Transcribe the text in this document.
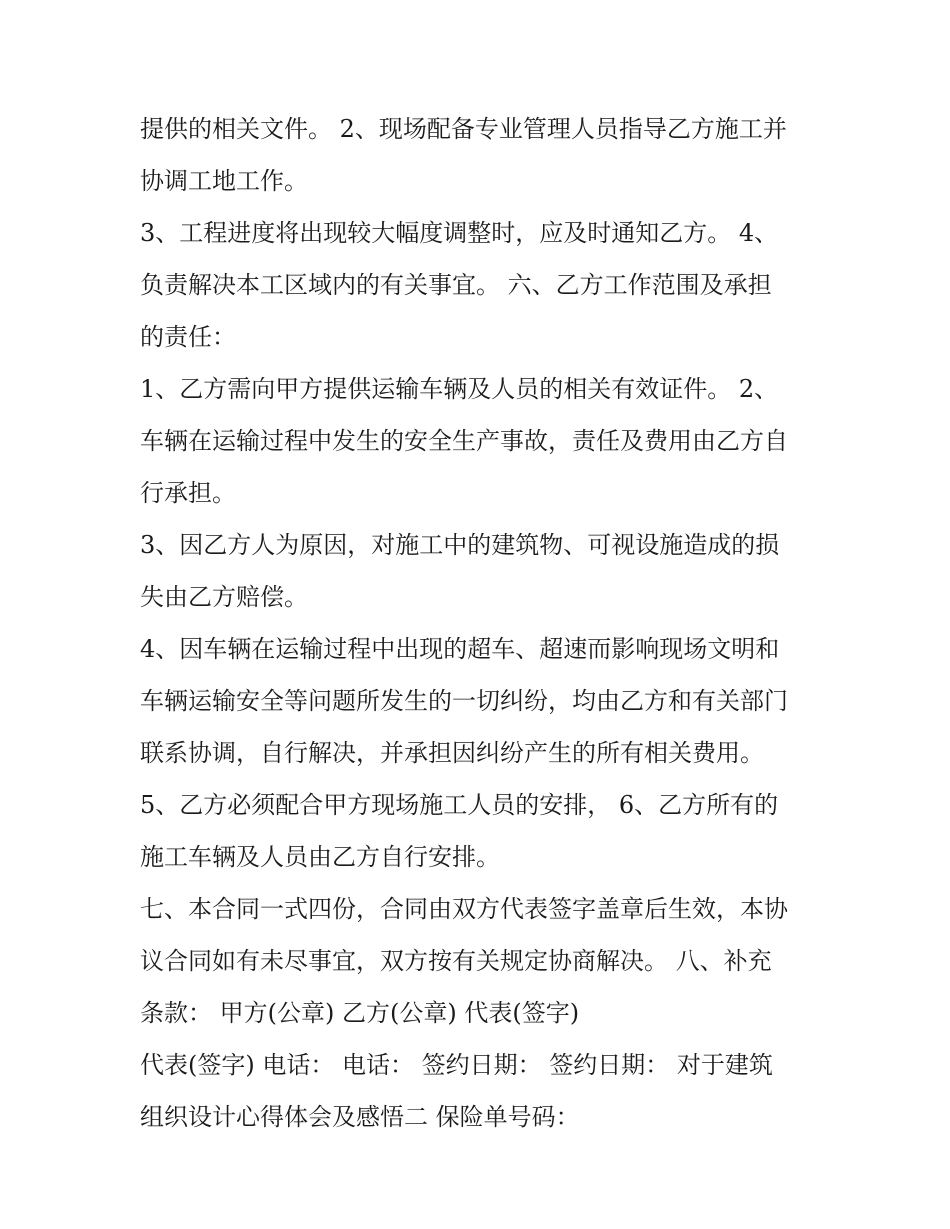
提供的相关文件。 2、现场配备专业管理人员指导乙方施工并
协调工地工作。
3、工程进度将出现较大幅度调整时，应及时通知乙方。 4、
负责解决本工区域内的有关事宜。 六、乙方工作范围及承担
的责任：
1、乙方需向甲方提供运输车辆及人员的相关有效证件。 2、
车辆在运输过程中发生的安全生产事故，责任及费用由乙方自
行承担。
3、因乙方人为原因，对施工中的建筑物、可视设施造成的损
失由乙方赔偿。
4、因车辆在运输过程中出现的超车、超速而影响现场文明和
车辆运输安全等问题所发生的一切纠纷，均由乙方和有关部门
联系协调，自行解决，并承担因纠纷产生的所有相关费用。
5、乙方必须配合甲方现场施工人员的安排， 6、乙方所有的
施工车辆及人员由乙方自行安排。
七、本合同一式四份，合同由双方代表签字盖章后生效，本协
议合同如有未尽事宜，双方按有关规定协商解决。 八、补充
条款： 甲方(公章) 乙方(公章) 代表(签字)
代表(签字) 电话： 电话： 签约日期： 签约日期： 对于建筑
组织设计心得体会及感悟二 保险单号码：
